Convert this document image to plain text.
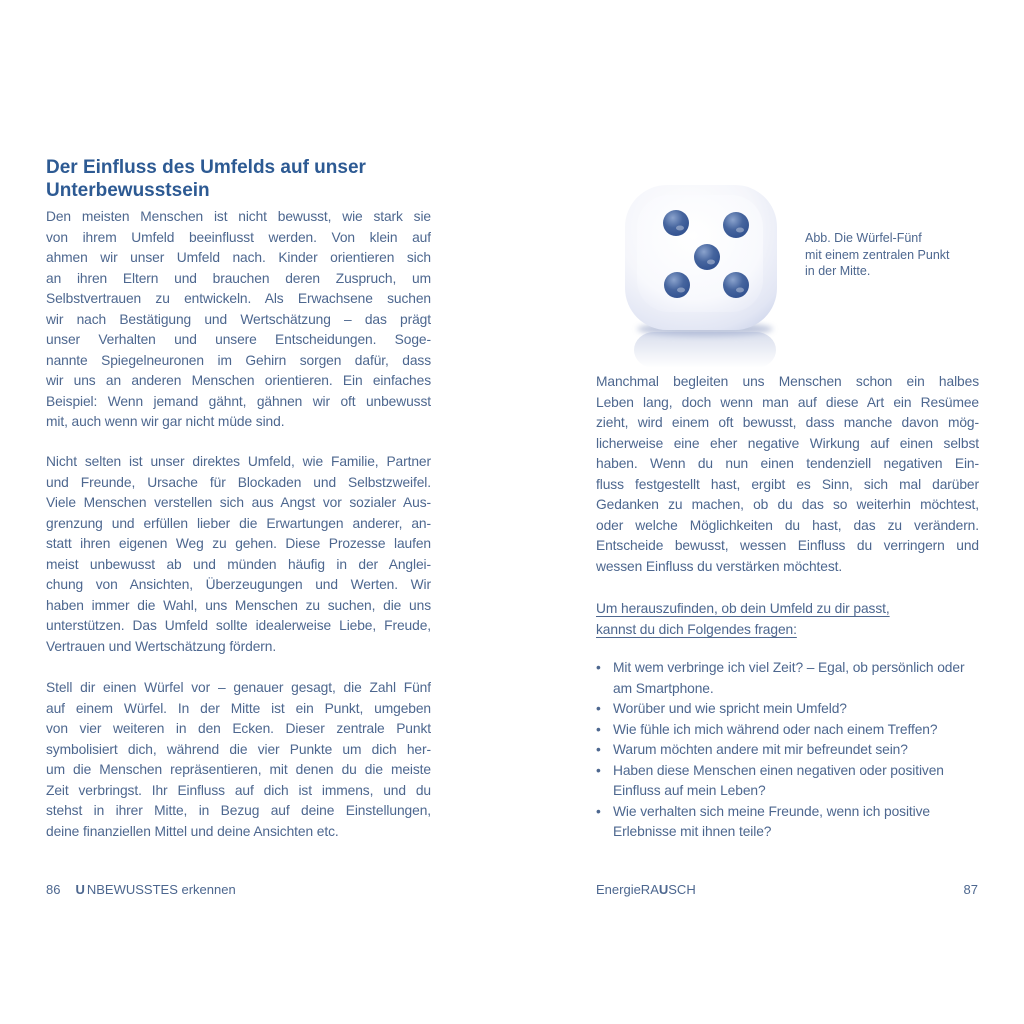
Der Einfluss des Umfelds auf unser
Unterbewusstsein
Den meisten Menschen ist nicht bewusst, wie stark sie
von ihrem Umfeld beeinflusst werden. Von klein auf
ahmen wir unser Umfeld nach. Kinder orientieren sich
an ihren Eltern und brauchen deren Zuspruch, um
Selbstvertrauen zu entwickeln. Als Erwachsene suchen
wir nach Bestätigung und Wertschätzung – das prägt
unser Verhalten und unsere Entscheidungen. Soge-
nannte Spiegelneuronen im Gehirn sorgen dafür, dass
wir uns an anderen Menschen orientieren. Ein einfaches
Beispiel: Wenn jemand gähnt, gähnen wir oft unbewusst
mit, auch wenn wir gar nicht müde sind.
Nicht selten ist unser direktes Umfeld, wie Familie, Partner
und Freunde, Ursache für Blockaden und Selbstzweifel.
Viele Menschen verstellen sich aus Angst vor sozialer Aus-
grenzung und erfüllen lieber die Erwartungen anderer, an-
statt ihren eigenen Weg zu gehen. Diese Prozesse laufen
meist unbewusst ab und münden häufig in der Anglei-
chung von Ansichten, Überzeugungen und Werten. Wir
haben immer die Wahl, uns Menschen zu suchen, die uns
unterstützen. Das Umfeld sollte idealerweise Liebe, Freude,
Vertrauen und Wertschätzung fördern.
Stell dir einen Würfel vor – genauer gesagt, die Zahl Fünf
auf einem Würfel. In der Mitte ist ein Punkt, umgeben
von vier weiteren in den Ecken. Dieser zentrale Punkt
symbolisiert dich, während die vier Punkte um dich her-
um die Menschen repräsentieren, mit denen du die meiste
Zeit verbringst. Ihr Einfluss auf dich ist immens, und du
stehst in ihrer Mitte, in Bezug auf deine Einstellungen,
deine finanziellen Mittel und deine Ansichten etc.
Abb. Die Würfel-Fünf
mit einem zentralen Punkt
in der Mitte.
Manchmal begleiten uns Menschen schon ein halbes
Leben lang, doch wenn man auf diese Art ein Resümee
zieht, wird einem oft bewusst, dass manche davon mög-
licherweise eine eher negative Wirkung auf einen selbst
haben. Wenn du nun einen tendenziell negativen Ein-
fluss festgestellt hast, ergibt es Sinn, sich mal darüber
Gedanken zu machen, ob du das so weiterhin möchtest,
oder welche Möglichkeiten du hast, das zu verändern.
Entscheide bewusst, wessen Einfluss du verringern und
wessen Einfluss du verstärken möchtest.
Um herauszufinden, ob dein Umfeld zu dir passt,
kannst du dich Folgendes fragen:
• Mit wem verbringe ich viel Zeit? – Egal, ob persönlich oder am Smartphone.
• Worüber und wie spricht mein Umfeld?
• Wie fühle ich mich während oder nach einem Treffen?
• Warum möchten andere mit mir befreundet sein?
• Haben diese Menschen einen negativen oder positiven Einfluss auf mein Leben?
• Wie verhalten sich meine Freunde, wenn ich positive Erlebnisse mit ihnen teile?
86 U NBEWUSSTES erkennen	EnergieRAUSCH	87
